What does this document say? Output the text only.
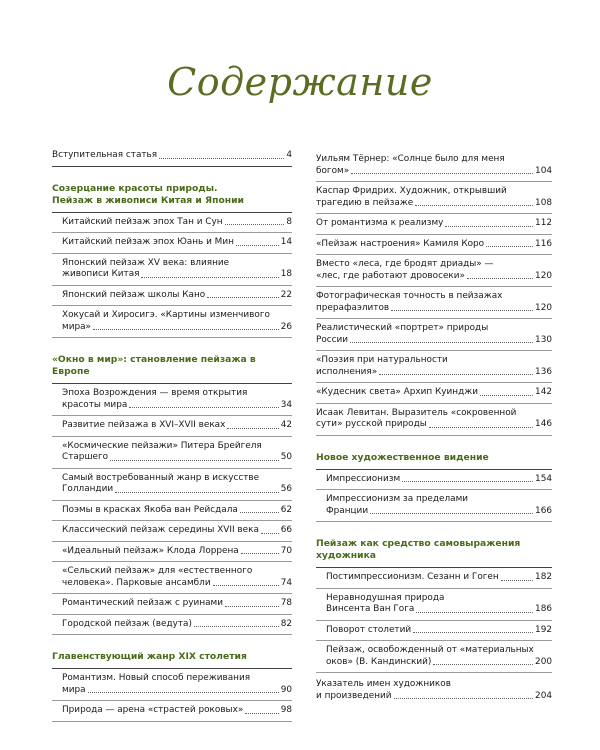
Содержание
Вступительная статья	4
Созерцание красоты природы.
Пейзаж в живописи Китая и Японии
Китайский пейзаж эпох Тан и Сун	8
Китайский пейзаж эпох Юань и Мин	14
Японский пейзаж XV века: влияние
живописи Китая	18
Японский пейзаж школы Кано	22
Хокусай и Хиросигэ. «Картины изменчивого
мира»	26
«Окно в мир»: становление пейзажа в Европе
Эпоха Возрождения — время открытия
красоты мира	34
Развитие пейзажа в XVI–XVII веках	42
«Космические пейзажи» Питера Брейгеля
Старшего	50
Самый востребованный жанр в искусстве
Голландии	56
Поэмы в красках Якоба ван Рейсдала	62
Классический пейзаж середины XVII века 66
«Идеальный пейзаж» Клода Лоррена	70
«Сельский пейзаж» для «естественного
человека». Парковые ансамбли	74
Романтический пейзаж с руинами	78
Городской пейзаж (ведута)	82
Главенствующий жанр XIX столетия
Романтизм. Новый способ переживания
мира	90
Природа — арена «страстей роковых»	98
Уильям Тёрнер: «Солнце было для меня
богом»	104
Каспар Фридрих. Художник, открывший
трагедию в пейзаже	108
От романтизма к реализму	112
«Пейзаж настроения» Камиля Коро	116
Вместо «леса, где бродят дриады» —
«лес, где работают дровосеки»	120
Фотографическая точность в пейзажах
прерафаэлитов	120
Реалистический «портрет» природы
России	130
«Поэзия при натуральности
исполнения»	136
«Кудесник света» Архип Куинджи	142
Исаак Левитан. Выразитель «сокровенной
сути» русской природы	146
Новое художественное видение
Импрессионизм	154
Импрессионизм за пределами
Франции	166
Пейзаж как средство самовыражения
художника
Постимпрессионизм. Сезанн и Гоген	182
Неравнодушная природа
Винсента Ван Гога	186
Поворот столетий	192
Пейзаж, освобожденный от «материальных
оков» (В. Кандинский)	200
Указатель имен художников
и произведений	204
